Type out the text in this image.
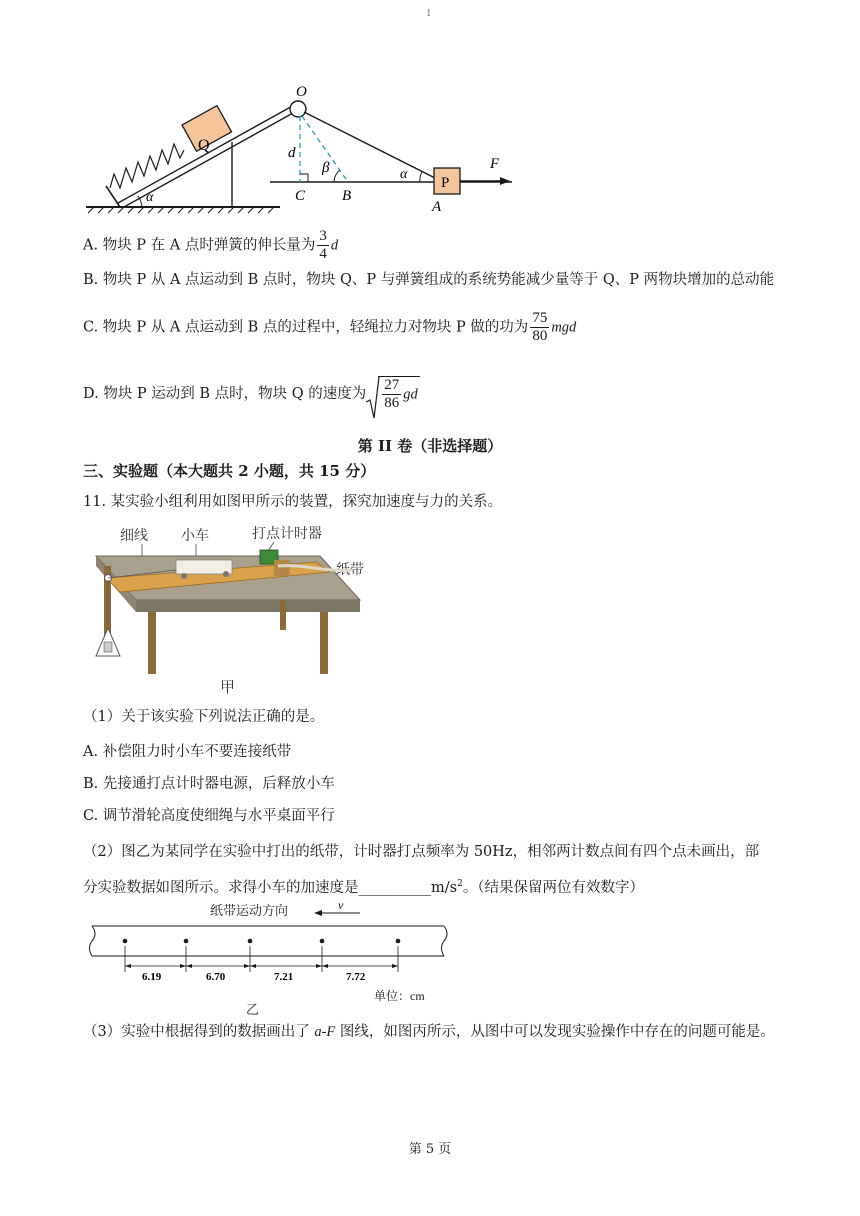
1
Q
α
O
d
β
C B
α
P
A
F
A. 物块 P 在 A 点时弹簧的伸长量为 $\frac{3}{4}$ d
B. 物块 P 从 A 点运动到 B 点时，物块 Q、P 与弹簧组成的系统势能减少量等于 Q、P 两物块增加的总动能
C. 物块 P 从 A 点运动到 B 点的过程中，轻绳拉力对物块 P 做的功为 $\frac{75}{80}$ mgd
D. 物块 P 运动到 B 点时，物块 Q 的速度为 $\frac{27}{86}$ gd
第 II 卷（非选择题）
三、实验题（本大题共 2 小题，共 15 分）
11. 某实验小组利用如图甲所示的装置，探究加速度与力的关系。
细线 小车	打点计时器
纸带
甲
（1）关于该实验下列说法正确的是。
A. 补偿阻力时小车不要连接纸带
B. 先接通打点计时器电源，后释放小车
C. 调节滑轮高度使细绳与水平桌面平行
（2）图乙为某同学在实验中打出的纸带，计时器打点频率为 50Hz，相邻两计数点间有四个点未画出，部
分实验数据如图所示。求得小车的加速度是$\_\_\_\_\_\_\_\_\_\_m/s^2$。（结果保留两位有效数字）
纸带运动方向	v
6.19	6.70	7.21	7.72
单位：cm
乙
（3）实验中根据得到的数据画出了 a-F 图线，如图丙所示，从图中可以发现实验操作中存在的问题可能是。
第 5 页
